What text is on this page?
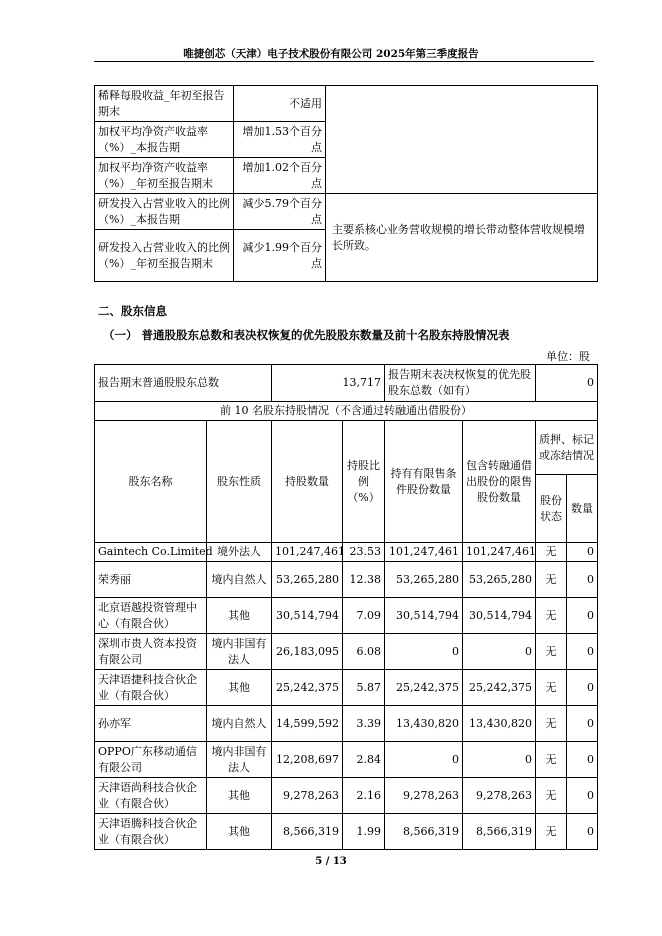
唯捷创芯（天津）电子技术股份有限公司 2025年第三季度报告
稀释每股收益_年初至报告期末	不适用	
加权平均净资产收益率（%）_本报告期	增加1.53个百分点	
加权平均净资产收益率（%）_年初至报告期末	增加1.02个百分点	
研发投入占营业收入的比例（%）_本报告期	减少5.79个百分点	主要系核心业务营收规模的增长带动整体营收规模增长所致。
研发投入占营业收入的比例（%）_年初至报告期末	减少1.99个百分点	
二、股东信息
（一） 普通股股东总数和表决权恢复的优先股股东数量及前十名股东持股情况表
单位：股
报告期末普通股股东总数		13,717		报告期末表决权恢复的优先股股东总数（如有）		0	
前 10 名股东持股情况（不含通过转融通出借股份）							
股东名称	股东性质	持股数量	持股比例（%）	持有有限售条件股份数量	包含转融通借出股份的限售股份数量	质押、标记或冻结情况	
						股份状态	数量
Gaintech Co.Limited	境外法人	101,247,461	23.53	101,247,461	101,247,461	无	0
荣秀丽	境内自然人	53,265,280	12.38	53,265,280	53,265,280	无	0
北京语越投资管理中心（有限合伙）	其他	30,514,794	7.09	30,514,794	30,514,794	无	0
深圳市贵人资本投资有限公司	境内非国有法人	26,183,095	6.08	0	0	无	0
天津语捷科技合伙企业（有限合伙）	其他	25,242,375	5.87	25,242,375	25,242,375	无	0
孙亦军	境内自然人	14,599,592	3.39	13,430,820	13,430,820	无	0
OPPO广东移动通信有限公司	境内非国有法人	12,208,697	2.84	0	0	无	0
天津语尚科技合伙企业（有限合伙）	其他	9,278,263	2.16	9,278,263	9,278,263	无	0
天津语腾科技合伙企业（有限合伙）	其他	8,566,319	1.99	8,566,319	8,566,319	无	0
5 / 13
